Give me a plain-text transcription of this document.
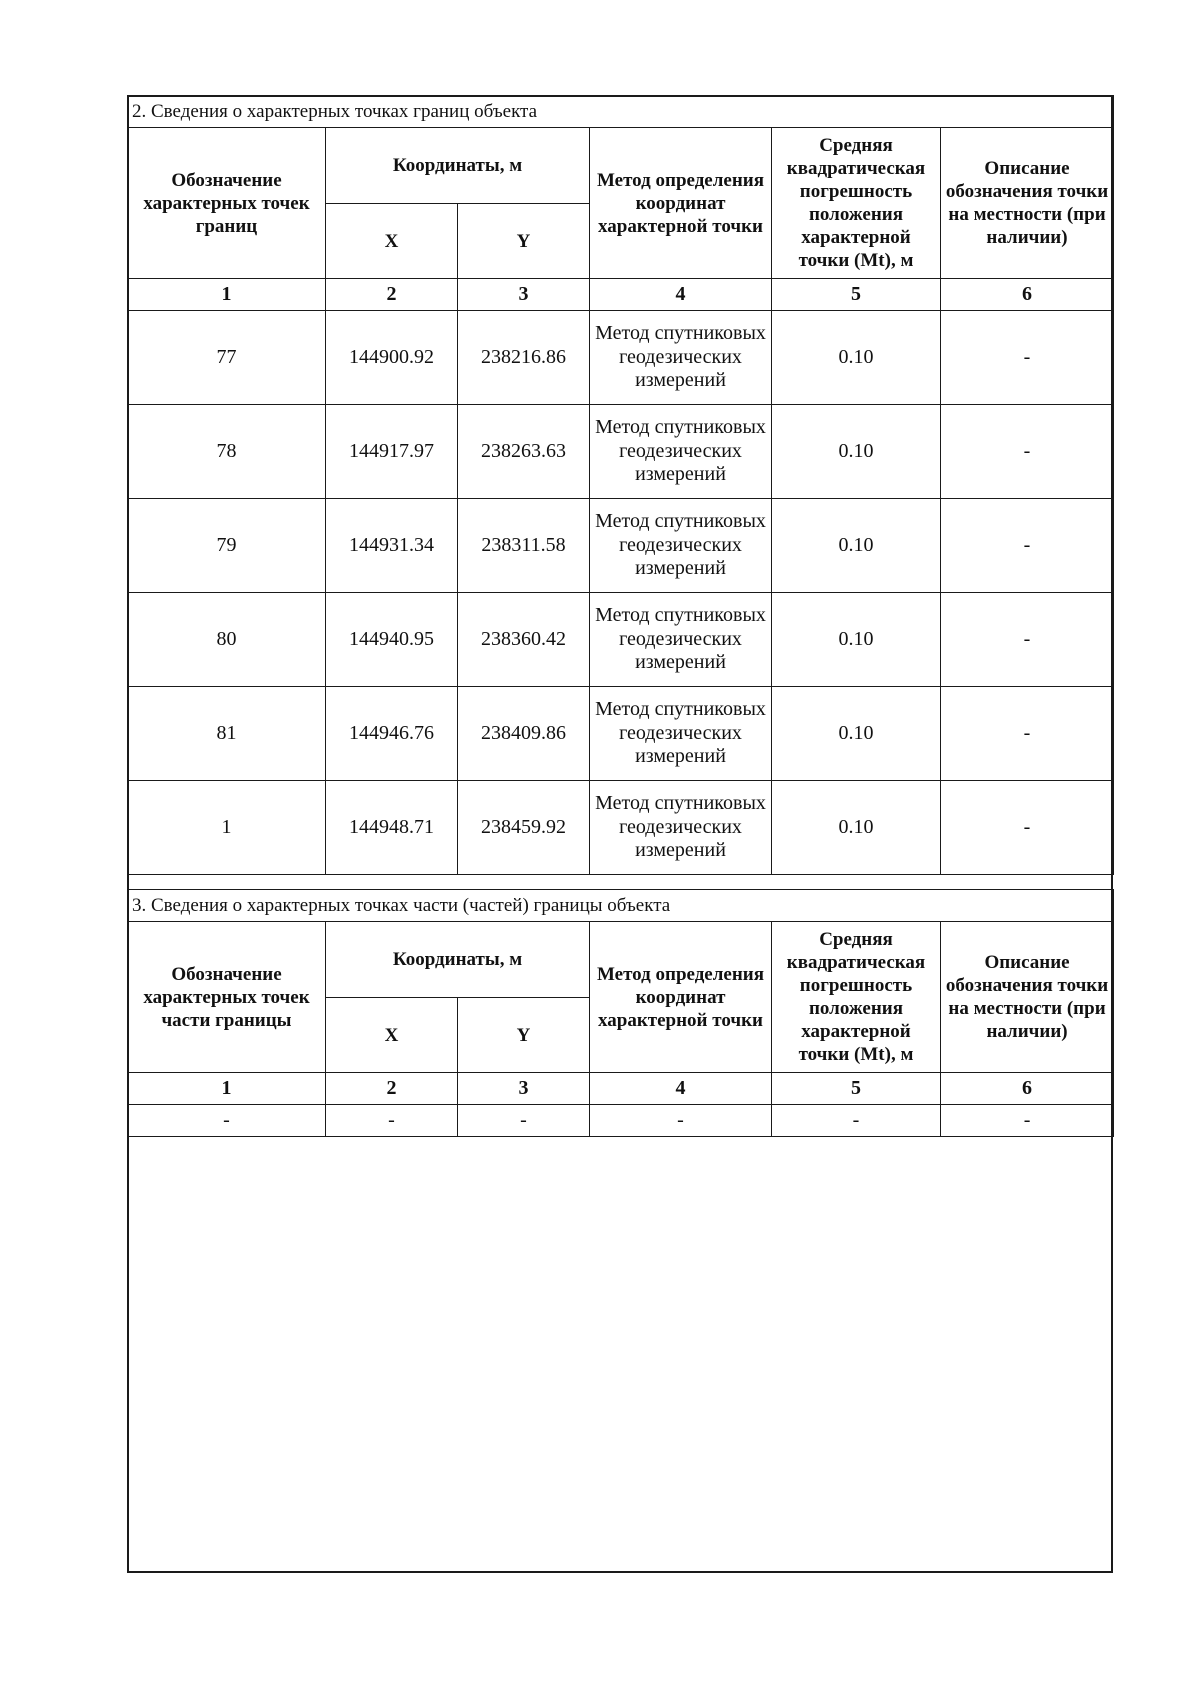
2. Сведения о характерных точках границ объекта					
Обозначение характерных точек границ	Координаты, м		Метод определения координат характерной точки	Средняя квадратическая погрешность положения характерной точки (Mt), м	Описание обозначения точки на местности (при наличии)
	X	Y			
1	2	3	4	5	6
77	144900.92	238216.86	Метод спутниковых геодезических измерений	0.10	-
78	144917.97	238263.63	Метод спутниковых геодезических измерений	0.10	-
79	144931.34	238311.58	Метод спутниковых геодезических измерений	0.10	-
80	144940.95	238360.42	Метод спутниковых геодезических измерений	0.10	-
81	144946.76	238409.86	Метод спутниковых геодезических измерений	0.10	-
1	144948.71	238459.92	Метод спутниковых геодезических измерений	0.10	-
3. Сведения о характерных точках части (частей) границы объекта					
Обозначение характерных точек части границы	Координаты, м		Метод определения координат характерной точки	Средняя квадратическая погрешность положения характерной точки (Mt), м	Описание обозначения точки на местности (при наличии)
	X	Y			
1	2	3	4	5	6
-	-	-	-	-	-
